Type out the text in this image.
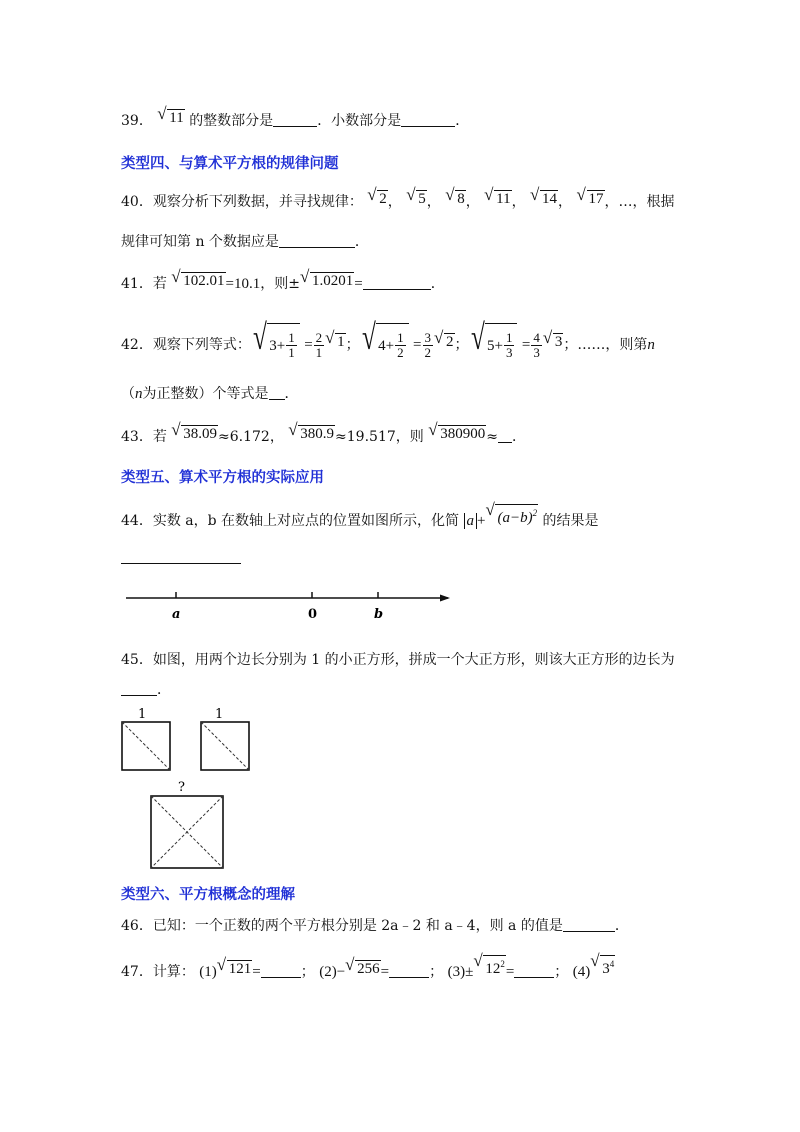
39． √ 11 的整数部分是	．小数部分是	．
类型四、与算术平方根的规律问题
40．观察分析下列数据，并寻找规律： √ 2， √ 5， √ 8， √ 11， √ 14， √ 17，…，根据
规律可知第 n 个数据应是	．
41．若 √ 102.01=10.1，则± √ 1.0201=	．
42．观察下列等式： √ $3+ \frac{1}{1} = \frac{2}{1}$ √ 1； √ $4+ \frac{1}{2} = \frac{3}{2}$ √ 2； √ $5+ \frac{1}{3} = \frac{4}{3}$ √ 3；……，则第n
（n为正整数）个等式是 ．
43．若 √ 38.09≈6.172， √ 380.9≈19.517，则 √ 380900≈ ．
类型五、算术平方根的实际应用
44．实数 a，b 在数轴上对应点的位置如图所示，化简 a + √ $(a-b)^2$ 的结果是
a	0	b
45．如图，用两个边长分别为 1 的小正方形，拼成一个大正方形，则该大正方形的边长为
．
1	1
?
类型六、平方根概念的理解
46．已知：一个正数的两个平方根分别是 2a﹣2 和 a﹣4，则 a 的值是	．
47．计算： (1) √ 121=	； (2)− √ 256=	； (3)± √ $12^2=$	； (4) √ $3^4$
